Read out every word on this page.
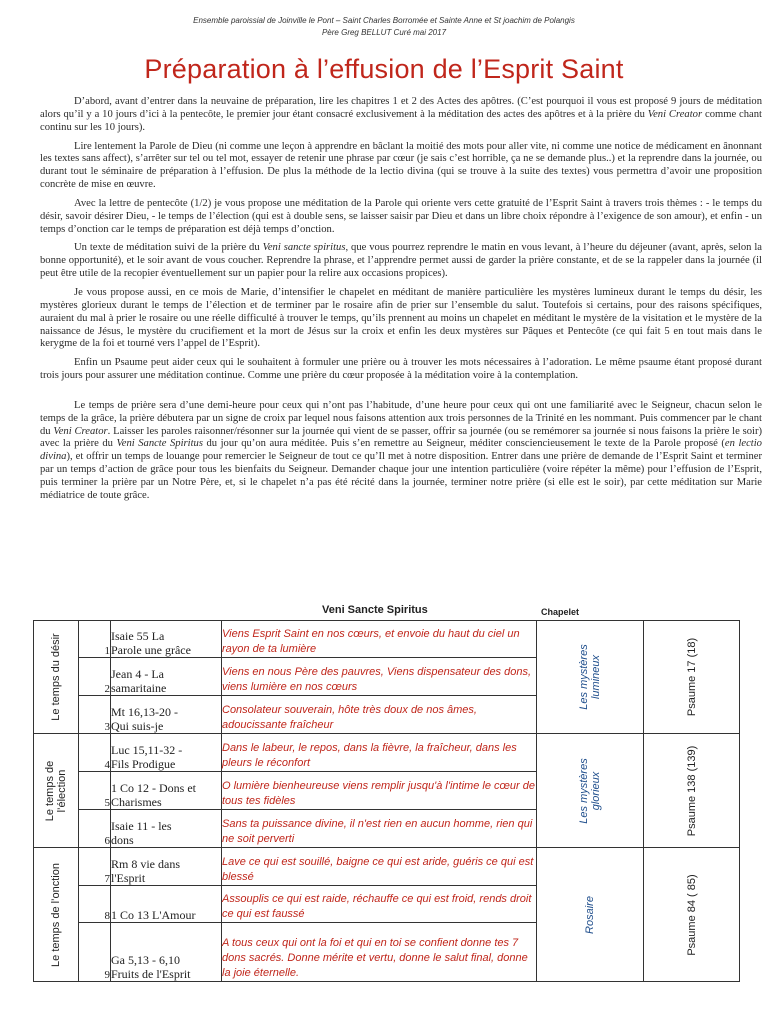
Ensemble paroissial de Joinville le Pont – Saint Charles Borromée et Sainte Anne et St joachim de Polangis
Père Greg BELLUT Curé mai 2017
Préparation à l’effusion de l’Esprit Saint

D’abord, avant d’entrer dans la neuvaine de préparation, lire les chapitres 1 et 2 des Actes des apôtres. (C’est pourquoi il vous est proposé 9 jours de méditation alors qu’il y a 10 jours d’ici à la pentecôte, le premier jour étant consacré exclusivement à la méditation des actes des apôtres et à la prière du Veni Creator comme chant continu sur les 10 jours).

Lire lentement la Parole de Dieu (ni comme une leçon à apprendre en bâclant la moitié des mots pour aller vite, ni comme une notice de médicament en ânonnant les textes sans affect), s’arrêter sur tel ou tel mot, essayer de retenir une phrase par cœur (je sais c’est horrible, ça ne se demande plus..) et la reprendre dans la journée, ou durant tout le séminaire de préparation à l’effusion. De plus la méthode de la lectio divina (qui se trouve à la suite des textes) vous permettra d’avoir une proposition concrète de mise en œuvre.

Avec la lettre de pentecôte (1/2) je vous propose une méditation de la Parole qui oriente vers cette gratuité de l’Esprit Saint à travers trois thèmes : - le temps du désir, savoir désirer Dieu, - le temps de l’élection (qui est à double sens, se laisser saisir par Dieu et dans un libre choix répondre à l’exigence de son amour), et enfin - un temps d’onction car le temps de préparation est déjà temps d’onction.

Un texte de méditation suivi de la prière du Veni sancte spiritus, que vous pourrez reprendre le matin en vous levant, à l’heure du déjeuner (avant, après, selon la bonne opportunité), et le soir avant de vous coucher. Reprendre la phrase, et l’apprendre permet aussi de garder la prière constante, et de se la rappeler dans la journée (il peut être utile de la recopier éventuellement sur un papier pour la relire aux occasions propices).

Je vous propose aussi, en ce mois de Marie, d’intensifier le chapelet en méditant de manière particulière les mystères lumineux durant le temps du désir, les mystères glorieux durant le temps de l’élection et de terminer par le rosaire afin de prier sur l’ensemble du salut. Toutefois si certains, pour des raisons spécifiques, auraient du mal à prier le rosaire ou une réelle difficulté à trouver le temps, qu’ils prennent au moins un chapelet en méditant le mystère de la visitation et le mystère de la naissance de Jésus, le mystère du crucifiement et la mort de Jésus sur la croix et enfin les deux mystères sur Pâques et Pentecôte (ce qui fait 5 en tout mais dans le kerygme de la foi et tourné vers l’appel de l’Esprit).

Enfin un Psaume peut aider ceux qui le souhaitent à formuler une prière ou à trouver les mots nécessaires à l’adoration. Le même psaume étant proposé durant trois jours pour assurer une méditation continue. Comme une prière du cœur proposée à la méditation voire à la contemplation.

Le temps de prière sera d’une demi-heure pour ceux qui n’ont pas l’habitude, d’une heure pour ceux qui ont une familiarité avec le Seigneur, chacun selon le temps de la grâce, la prière débutera par un signe de croix par lequel nous faisons attention aux trois personnes de la Trinité en les nommant. Puis commencer par le chant du Veni Creator. Laisser les paroles raisonner/résonner sur la journée qui vient de se passer, offrir sa journée (ou se remémorer sa journée si nous faisons la prière le soir) avec la prière du Veni Sancte Spiritus du jour qu’on aura méditée. Puis s’en remettre au Seigneur, méditer consciencieusement le texte de la Parole proposé (en lectio divina), et offrir un temps de louange pour remercier le Seigneur de tout ce qu’Il met à notre disposition. Entrer dans une prière de demande de l’Esprit Saint et terminer par un temps d’action de grâce pour tous les bienfaits du Seigneur. Demander chaque jour une intention particulière (voire répéter la même) pour l’effusion de l’Esprit, puis terminer la prière par un Notre Père, et, si le chapelet n’a pas été récité dans la journée, terminer notre prière (si elle est le soir), par cette méditation sur Marie médiatrice de toute grâce.

Veni Sancte Spiritus	Chapelet
Le temps du désir	1	Isaie 55 La
Parole une grâce	Viens Esprit Saint en nos cœurs, et envoie du haut du ciel un rayon de ta lumière	Les mystères lumineux	Psaume 17 (18)

	2	Jean 4 - La
samaritaine	Viens en nous Père des pauvres, Viens dispensateur des dons, viens lumière en nos cœurs		
	3	Mt 16,13-20 -
Qui suis-je	Consolateur souverain, hôte très doux de nos âmes, adoucissante fraîcheur		

Le temps de l’élection	4	Luc 15,11-32 -
Fils Prodigue	Dans le labeur, le repos, dans la fièvre, la fraîcheur, dans les pleurs le réconfort	Les mystères glorieux	Psaume 138 (139)

	5	1 Co 12 - Dons et
Charismes	O lumière bienheureuse viens remplir jusqu'à l'intime le cœur de tous tes fidèles		
	6	Isaie 11 - les
dons	Sans ta puissance divine, il n'est rien en aucun homme, rien qui ne soit perverti		

Le temps de l’onction	7	Rm 8 vie dans
l'Esprit	Lave ce qui est souillé, baigne ce qui est aride, guéris ce qui est blessé	Rosaire	Psaume 84 ( 85)

	8	1 Co 13 L'Amour	Assouplis ce qui est raide, réchauffe ce qui est froid, rends droit ce qui est faussé		
	9	Ga 5,13 - 6,10
Fruits de l'Esprit	A tous ceux qui ont la foi et qui en toi se confient donne tes 7 dons sacrés. Donne mérite et vertu, donne le salut final, donne la joie éternelle.		
